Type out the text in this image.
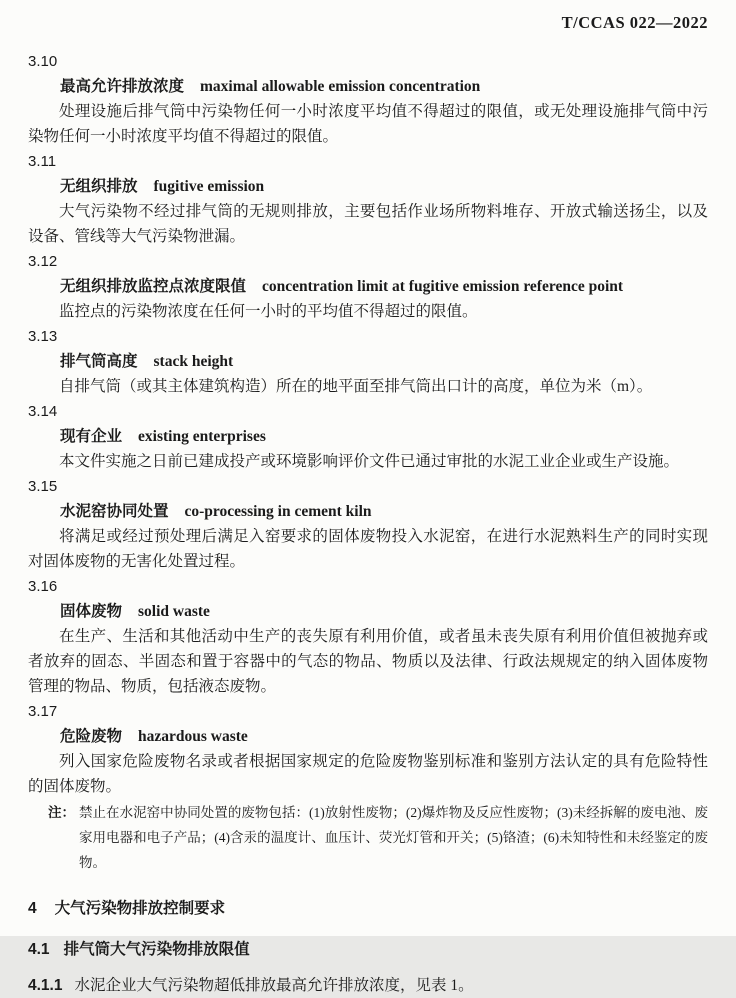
T/CCAS 022—2022
3.10
最高允许排放浓度 maximal allowable emission concentration

处理设施后排气筒中污染物任何一小时浓度平均值不得超过的限值，或无处理设施排气筒中污染物任何一小时浓度平均值不得超过的限值。

3.11
无组织排放 fugitive emission

大气污染物不经过排气筒的无规则排放，主要包括作业场所物料堆存、开放式输送扬尘，以及设备、管线等大气污染物泄漏。

3.12
无组织排放监控点浓度限值 concentration limit at fugitive emission reference point

监控点的污染物浓度在任何一小时的平均值不得超过的限值。

3.13
排气筒高度 stack height

自排气筒（或其主体建筑构造）所在的地平面至排气筒出口计的高度，单位为米（m）。

3.14
现有企业 existing enterprises

本文件实施之日前已建成投产或环境影响评价文件已通过审批的水泥工业企业或生产设施。

3.15
水泥窑协同处置 co-processing in cement kiln

将满足或经过预处理后满足入窑要求的固体废物投入水泥窑，在进行水泥熟料生产的同时实现对固体废物的无害化处置过程。

3.16
固体废物 solid waste

在生产、生活和其他活动中生产的丧失原有利用价值，或者虽未丧失原有利用价值但被抛弃或者放弃的固态、半固态和置于容器中的气态的物品、物质以及法律、行政法规规定的纳入固体废物管理的物品、物质，包括液态废物。

3.17
危险废物 hazardous waste

列入国家危险废物名录或者根据国家规定的危险废物鉴别标准和鉴别方法认定的具有危险特性的固体废物。

注： 禁止在水泥窑中协同处置的废物包括：(1)放射性废物；(2)爆炸物及反应性废物；(3)未经拆解的废电池、废家用电器和电子产品；(4)含汞的温度计、血压计、荧光灯管和开关；(5)铬渣；(6)未知特性和未经鉴定的废物。
4 大气污染物排放控制要求
4.1 排气筒大气污染物排放限值
4.1.1 水泥企业大气污染物超低排放最高允许排放浓度，见表 1。
